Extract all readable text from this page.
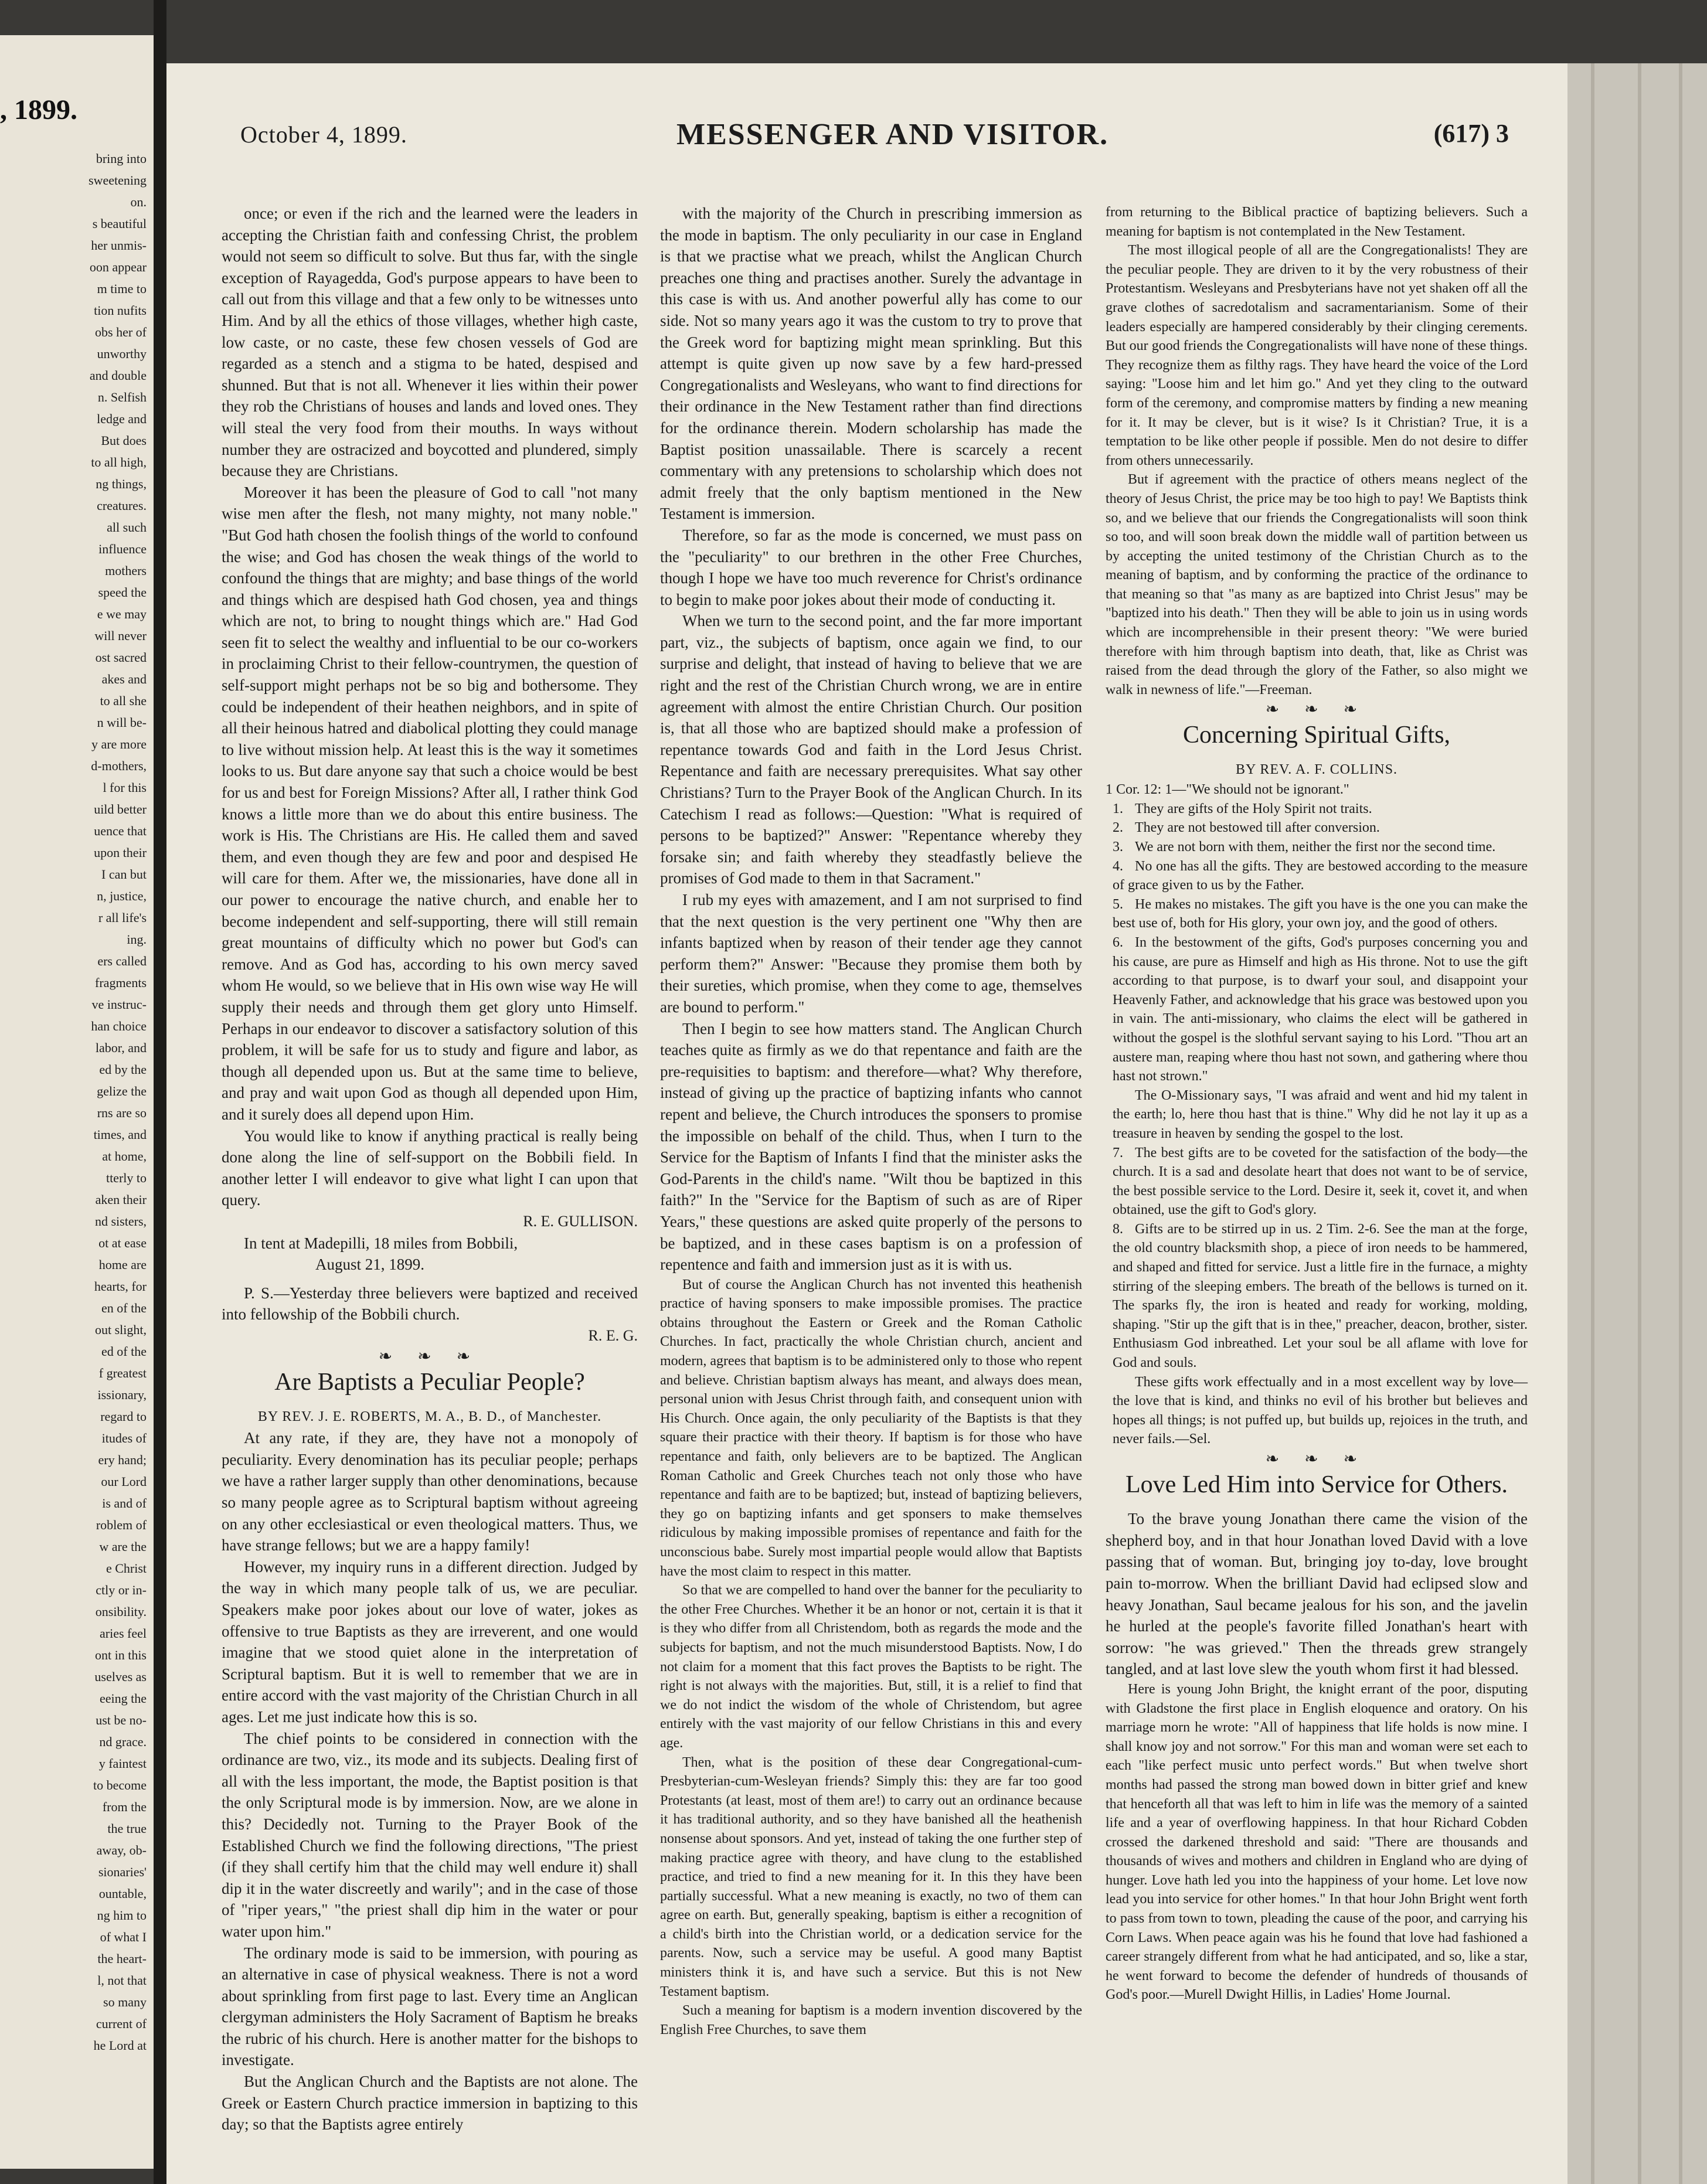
, 1899.
bring into
sweetening
on.
s beautiful
her unmis-
oon appear
m time to
tion nufits
obs her of
unworthy
and double
n. Selfish
ledge and
But does
to all high,
ng things,
creatures.
all such
influence
mothers
speed the
e we may
will never
ost sacred
akes and
to all she
n will be-
y are more
d-mothers,
l for this
uild better
uence that
upon their
I can but
n, justice,
r all life's
ing.
ers called
fragments
ve instruc-
han choice
labor, and
ed by the
gelize the
rns are so
times, and
at home,
tterly to
aken their
nd sisters,
ot at ease
home are
hearts, for
en of the
out slight,
ed of the
f greatest
issionary,
regard to
itudes of
ery hand;
our Lord
is and of
roblem of
w are the
e Christ
ctly or in-
onsibility.
aries feel
ont in this
uselves as
eeing the
ust be no-
nd grace.
y faintest
to become
from the
the true
away, ob-
sionaries'
ountable,
ng him to
of what I
the heart-
l, not that
so many
current of
he Lord at
October 4, 1899.	MESSENGER AND VISITOR.	(617) 3

once; or even if the rich and the learned were the leaders in accepting the Christian faith and confessing Christ, the problem would not seem so difficult to solve. But thus far, with the single exception of Rayagedda, God's purpose appears to have been to call out from this village and that a few only to be witnesses unto Him. And by all the ethics of those villages, whether high caste, low caste, or no caste, these few chosen vessels of God are regarded as a stench and a stigma to be hated, despised and shunned. But that is not all. Whenever it lies within their power they rob the Christians of houses and lands and loved ones. They will steal the very food from their mouths. In ways without number they are ostracized and boycotted and plundered, simply because they are Christians.

Moreover it has been the pleasure of God to call "not many wise men after the flesh, not many mighty, not many noble." "But God hath chosen the foolish things of the world to confound the wise; and God has chosen the weak things of the world to confound the things that are mighty; and base things of the world and things which are despised hath God chosen, yea and things which are not, to bring to nought things which are." Had God seen fit to select the wealthy and influential to be our co-workers in proclaiming Christ to their fellow-countrymen, the question of self-support might perhaps not be so big and bothersome. They could be independent of their heathen neighbors, and in spite of all their heinous hatred and diabolical plotting they could manage to live without mission help. At least this is the way it sometimes looks to us. But dare anyone say that such a choice would be best for us and best for Foreign Missions? After all, I rather think God knows a little more than we do about this entire business. The work is His. The Christians are His. He called them and saved them, and even though they are few and poor and despised He will care for them. After we, the missionaries, have done all in our power to encourage the native church, and enable her to become independent and self-supporting, there will still remain great mountains of difficulty which no power but God's can remove. And as God has, according to his own mercy saved whom He would, so we believe that in His own wise way He will supply their needs and through them get glory unto Himself. Perhaps in our endeavor to discover a satisfactory solution of this problem, it will be safe for us to study and figure and labor, as though all depended upon us. But at the same time to believe, and pray and wait upon God as though all depended upon Him, and it surely does all depend upon Him.

You would like to know if anything practical is really being done along the line of self-support on the Bobbili field. In another letter I will endeavor to give what light I can upon that query.

R. E. GULLISON.

In tent at Madepilli, 18 miles from Bobbili,

August 21, 1899.

P. S.—Yesterday three believers were baptized and received into fellowship of the Bobbili church.

R. E. G.

❧ ❧ ❧

Are Baptists a Peculiar People?

BY REV. J. E. ROBERTS, M. A., B. D., of Manchester.

At any rate, if they are, they have not a monopoly of peculiarity. Every denomination has its peculiar people; perhaps we have a rather larger supply than other denominations, because so many people agree as to Scriptural baptism without agreeing on any other ecclesiastical or even theological matters. Thus, we have strange fellows; but we are a happy family!

However, my inquiry runs in a different direction. Judged by the way in which many people talk of us, we are peculiar. Speakers make poor jokes about our love of water, jokes as offensive to true Baptists as they are irreverent, and one would imagine that we stood quiet alone in the interpretation of Scriptural baptism. But it is well to remember that we are in entire accord with the vast majority of the Christian Church in all ages. Let me just indicate how this is so.

The chief points to be considered in connection with the ordinance are two, viz., its mode and its subjects. Dealing first of all with the less important, the mode, the Baptist position is that the only Scriptural mode is by immersion. Now, are we alone in this? Decidedly not. Turning to the Prayer Book of the Established Church we find the following directions, "The priest (if they shall certify him that the child may well endure it) shall dip it in the water discreetly and warily"; and in the case of those of "riper years," "the priest shall dip him in the water or pour water upon him."

The ordinary mode is said to be immersion, with pouring as an alternative in case of physical weakness. There is not a word about sprinkling from first page to last. Every time an Anglican clergyman administers the Holy Sacrament of Baptism he breaks the rubric of his church. Here is another matter for the bishops to investigate.

But the Anglican Church and the Baptists are not alone. The Greek or Eastern Church practice immersion in baptizing to this day; so that the Baptists agree entirely

with the majority of the Church in prescribing immersion as the mode in baptism. The only peculiarity in our case in England is that we practise what we preach, whilst the Anglican Church preaches one thing and practises another. Surely the advantage in this case is with us. And another powerful ally has come to our side. Not so many years ago it was the custom to try to prove that the Greek word for baptizing might mean sprinkling. But this attempt is quite given up now save by a few hard-pressed Congregationalists and Wesleyans, who want to find directions for their ordinance in the New Testament rather than find directions for the ordinance therein. Modern scholarship has made the Baptist position unassailable. There is scarcely a recent commentary with any pretensions to scholarship which does not admit freely that the only baptism mentioned in the New Testament is immersion.

Therefore, so far as the mode is concerned, we must pass on the "peculiarity" to our brethren in the other Free Churches, though I hope we have too much reverence for Christ's ordinance to begin to make poor jokes about their mode of conducting it.

When we turn to the second point, and the far more important part, viz., the subjects of baptism, once again we find, to our surprise and delight, that instead of having to believe that we are right and the rest of the Christian Church wrong, we are in entire agreement with almost the entire Christian Church. Our position is, that all those who are baptized should make a profession of repentance towards God and faith in the Lord Jesus Christ. Repentance and faith are necessary prerequisites. What say other Christians? Turn to the Prayer Book of the Anglican Church. In its Catechism I read as follows:—Question: "What is required of persons to be baptized?" Answer: "Repentance whereby they forsake sin; and faith whereby they steadfastly believe the promises of God made to them in that Sacrament."

I rub my eyes with amazement, and I am not surprised to find that the next question is the very pertinent one "Why then are infants baptized when by reason of their tender age they cannot perform them?" Answer: "Because they promise them both by their sureties, which promise, when they come to age, themselves are bound to perform."

Then I begin to see how matters stand. The Anglican Church teaches quite as firmly as we do that repentance and faith are the pre-requisities to baptism: and therefore—what? Why therefore, instead of giving up the practice of baptizing infants who cannot repent and believe, the Church introduces the sponsers to promise the impossible on behalf of the child. Thus, when I turn to the Service for the Baptism of Infants I find that the minister asks the God-Parents in the child's name. "Wilt thou be baptized in this faith?" In the "Service for the Baptism of such as are of Riper Years," these questions are asked quite properly of the persons to be baptized, and in these cases baptism is on a profession of repentence and faith and immersion just as it is with us.

But of course the Anglican Church has not invented this heathenish practice of having sponsers to make impossible promises. The practice obtains throughout the Eastern or Greek and the Roman Catholic Churches. In fact, practically the whole Christian church, ancient and modern, agrees that baptism is to be administered only to those who repent and believe. Christian baptism always has meant, and always does mean, personal union with Jesus Christ through faith, and consequent union with His Church. Once again, the only peculiarity of the Baptists is that they square their practice with their theory. If baptism is for those who have repentance and faith, only believers are to be baptized. The Anglican Roman Catholic and Greek Churches teach not only those who have repentance and faith are to be baptized; but, instead of baptizing believers, they go on baptizing infants and get sponsers to make themselves ridiculous by making impossible promises of repentance and faith for the unconscious babe. Surely most impartial people would allow that Baptists have the most claim to respect in this matter.

So that we are compelled to hand over the banner for the peculiarity to the other Free Churches. Whether it be an honor or not, certain it is that it is they who differ from all Christendom, both as regards the mode and the subjects for baptism, and not the much misunderstood Baptists. Now, I do not claim for a moment that this fact proves the Baptists to be right. The right is not always with the majorities. But, still, it is a relief to find that we do not indict the wisdom of the whole of Christendom, but agree entirely with the vast majority of our fellow Christians in this and every age.

Then, what is the position of these dear Congregational-cum-Presbyterian-cum-Wesleyan friends? Simply this: they are far too good Protestants (at least, most of them are!) to carry out an ordinance because it has traditional authority, and so they have banished all the heathenish nonsense about sponsors. And yet, instead of taking the one further step of making practice agree with theory, and have clung to the established practice, and tried to find a new meaning for it. In this they have been partially successful. What a new meaning is exactly, no two of them can agree on earth. But, generally speaking, baptism is either a recognition of a child's birth into the Christian world, or a dedication service for the parents. Now, such a service may be useful. A good many Baptist ministers think it is, and have such a service. But this is not New Testament baptism.

Such a meaning for baptism is a modern invention discovered by the English Free Churches, to save them

from returning to the Biblical practice of baptizing believers. Such a meaning for baptism is not contemplated in the New Testament.

The most illogical people of all are the Congregationalists! They are the peculiar people. They are driven to it by the very robustness of their Protestantism. Wesleyans and Presbyterians have not yet shaken off all the grave clothes of sacredotalism and sacramentarianism. Some of their leaders especially are hampered considerably by their clinging cerements. But our good friends the Congregationalists will have none of these things. They recognize them as filthy rags. They have heard the voice of the Lord saying: "Loose him and let him go." And yet they cling to the outward form of the ceremony, and compromise matters by finding a new meaning for it. It may be clever, but is it wise? Is it Christian? True, it is a temptation to be like other people if possible. Men do not desire to differ from others unnecessarily.

But if agreement with the practice of others means neglect of the theory of Jesus Christ, the price may be too high to pay! We Baptists think so, and we believe that our friends the Congregationalists will soon think so too, and will soon break down the middle wall of partition between us by accepting the united testimony of the Christian Church as to the meaning of baptism, and by conforming the practice of the ordinance to that meaning so that "as many as are baptized into Christ Jesus" may be "baptized into his death." Then they will be able to join us in using words which are incomprehensible in their present theory: "We were buried therefore with him through baptism into death, that, like as Christ was raised from the dead through the glory of the Father, so also might we walk in newness of life."—Freeman.

❧ ❧ ❧

Concerning Spiritual Gifts,

BY REV. A. F. COLLINS.

1 Cor. 12: 1—"We should not be ignorant."

1. They are gifts of the Holy Spirit not traits.

2. They are not bestowed till after conversion.

3. We are not born with them, neither the first nor the second time.

4. No one has all the gifts. They are bestowed according to the measure of grace given to us by the Father.

5. He makes no mistakes. The gift you have is the one you can make the best use of, both for His glory, your own joy, and the good of others.

6. In the bestowment of the gifts, God's purposes concerning you and his cause, are pure as Himself and high as His throne. Not to use the gift according to that purpose, is to dwarf your soul, and disappoint your Heavenly Father, and acknowledge that his grace was bestowed upon you in vain. The anti-missionary, who claims the elect will be gathered in without the gospel is the slothful servant saying to his Lord. "Thou art an austere man, reaping where thou hast not sown, and gathering where thou hast not strown."

The O-Missionary says, "I was afraid and went and hid my talent in the earth; lo, here thou hast that is thine." Why did he not lay it up as a treasure in heaven by sending the gospel to the lost.

7. The best gifts are to be coveted for the satisfaction of the body—the church. It is a sad and desolate heart that does not want to be of service, the best possible service to the Lord. Desire it, seek it, covet it, and when obtained, use the gift to God's glory.

8. Gifts are to be stirred up in us. 2 Tim. 2-6. See the man at the forge, the old country blacksmith shop, a piece of iron needs to be hammered, and shaped and fitted for service. Just a little fire in the furnace, a mighty stirring of the sleeping embers. The breath of the bellows is turned on it. The sparks fly, the iron is heated and ready for working, molding, shaping. "Stir up the gift that is in thee," preacher, deacon, brother, sister. Enthusiasm God inbreathed. Let your soul be all aflame with love for God and souls.

These gifts work effectually and in a most excellent way by love—the love that is kind, and thinks no evil of his brother but believes and hopes all things; is not puffed up, but builds up, rejoices in the truth, and never fails.—Sel.

❧ ❧ ❧

Love Led Him into Service for Others.

To the brave young Jonathan there came the vision of the shepherd boy, and in that hour Jonathan loved David with a love passing that of woman. But, bringing joy to-day, love brought pain to-morrow. When the brilliant David had eclipsed slow and heavy Jonathan, Saul became jealous for his son, and the javelin he hurled at the people's favorite filled Jonathan's heart with sorrow: "he was grieved." Then the threads grew strangely tangled, and at last love slew the youth whom first it had blessed.

Here is young John Bright, the knight errant of the poor, disputing with Gladstone the first place in English eloquence and oratory. On his marriage morn he wrote: "All of happiness that life holds is now mine. I shall know joy and not sorrow." For this man and woman were set each to each "like perfect music unto perfect words." But when twelve short months had passed the strong man bowed down in bitter grief and knew that henceforth all that was left to him in life was the memory of a sainted life and a year of overflowing happiness. In that hour Richard Cobden crossed the darkened threshold and said: "There are thousands and thousands of wives and mothers and children in England who are dying of hunger. Love hath led you into the happiness of your home. Let love now lead you into service for other homes." In that hour John Bright went forth to pass from town to town, pleading the cause of the poor, and carrying his Corn Laws. When peace again was his he found that love had fashioned a career strangely different from what he had anticipated, and so, like a star, he went forward to become the defender of hundreds of thousands of God's poor.—Murell Dwight Hillis, in Ladies' Home Journal.
